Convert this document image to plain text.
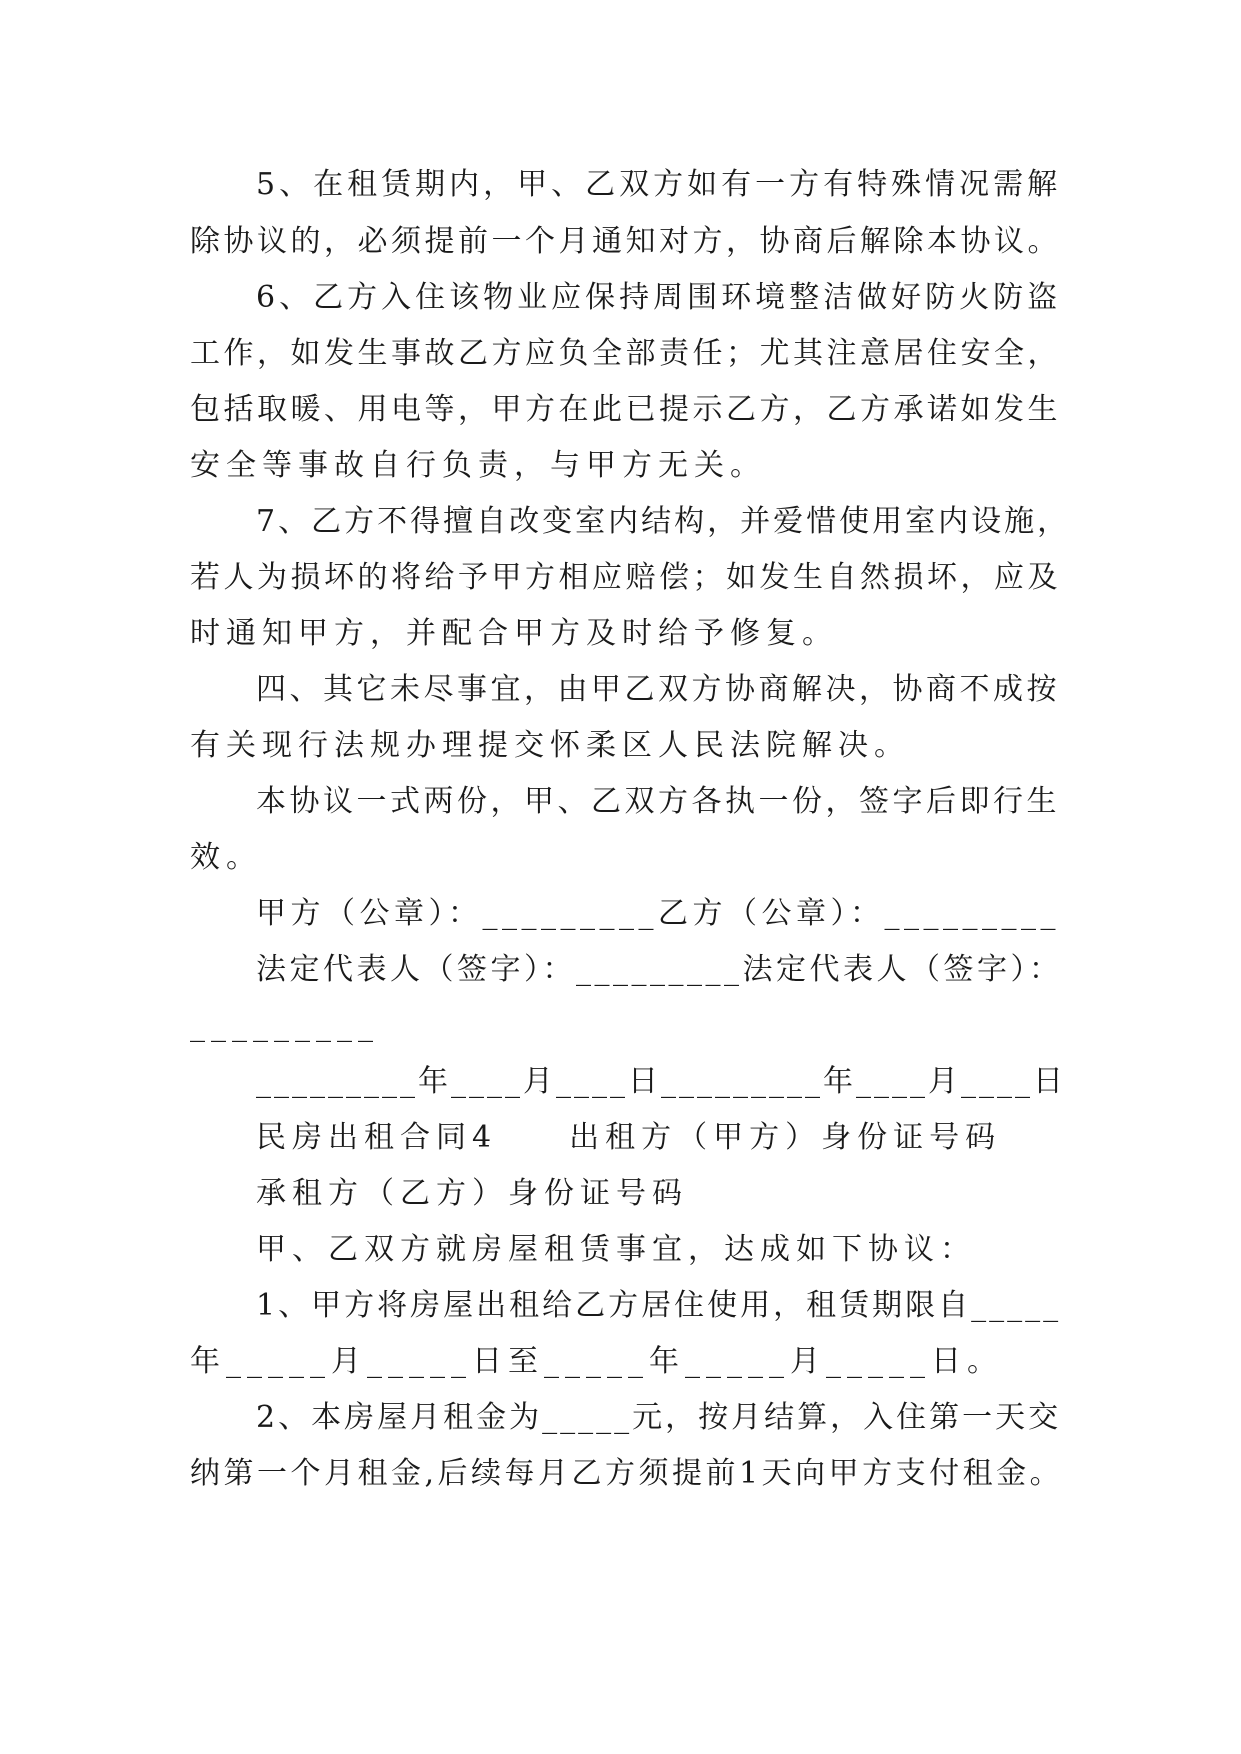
5、在租赁期内，甲、乙双方如有一方有特殊情况需解
除协议的，必须提前一个月通知对方，协商后解除本协议。
6、乙方入住该物业应保持周围环境整洁做好防火防盗
工作，如发生事故乙方应负全部责任；尤其注意居住安全，
包括取暖、用电等，甲方在此已提示乙方，乙方承诺如发生
安全等事故自行负责，与甲方无关。
7、乙方不得擅自改变室内结构，并爱惜使用室内设施，
若人为损坏的将给予甲方相应赔偿；如发生自然损坏，应及
时通知甲方，并配合甲方及时给予修复。
四、其它未尽事宜，由甲乙双方协商解决，协商不成按
有关现行法规办理提交怀柔区人民法院解决。
本协议一式两份，甲、乙双方各执一份，签字后即行生
效。
甲方（公章）：_________乙方（公章）：_________
法定代表人（签字）：_________法定代表人（签字）：
_________
_________年____月____日_________年____月____日
民房出租合同4　　出租方（甲方）身份证号码
承租方（乙方）身份证号码
甲、乙双方就房屋租赁事宜，达成如下协议：
1、甲方将房屋出租给乙方居住使用，租赁期限自_____
年_____月_____日至_____年_____月_____日。
2、本房屋月租金为_____元，按月结算，入住第一天交
纳第一个月租金,后续每月乙方须提前1天向甲方支付租金。
